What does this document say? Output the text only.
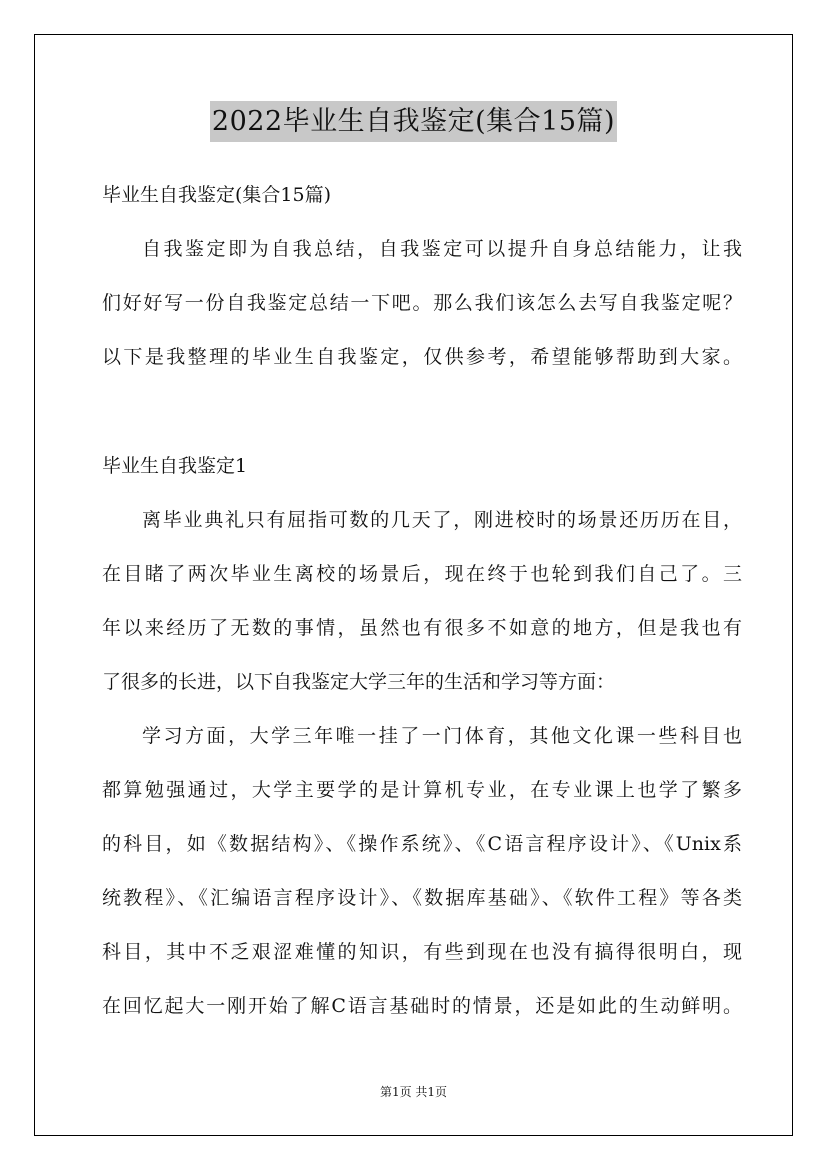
2022毕业生自我鉴定(集合15篇)
毕业生自我鉴定(集合15篇)
自我鉴定即为自我总结，自我鉴定可以提升自身总结能力，让我
们好好写一份自我鉴定总结一下吧。那么我们该怎么去写自我鉴定呢？
以下是我整理的毕业生自我鉴定，仅供参考，希望能够帮助到大家。
毕业生自我鉴定1
离毕业典礼只有屈指可数的几天了，刚进校时的场景还历历在目，
在目睹了两次毕业生离校的场景后，现在终于也轮到我们自己了。三
年以来经历了无数的事情，虽然也有很多不如意的地方，但是我也有
了很多的长进，以下自我鉴定大学三年的生活和学习等方面：
学习方面，大学三年唯一挂了一门体育，其他文化课一些科目也
都算勉强通过，大学主要学的是计算机专业，在专业课上也学了繁多
的科目，如《数据结构》、《操作系统》、《C语言程序设计》、《Unix系
统教程》、《汇编语言程序设计》、《数据库基础》、《软件工程》等各类
科目，其中不乏艰涩难懂的知识，有些到现在也没有搞得很明白，现
在回忆起大一刚开始了解C语言基础时的情景，还是如此的生动鲜明。
第1页 共1页
